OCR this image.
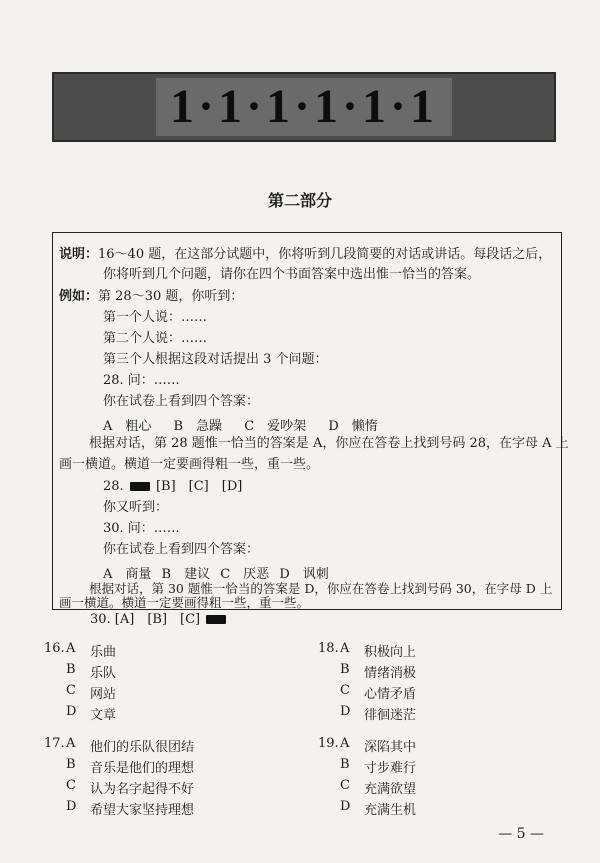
1·1·1·1·1·1
第二部分
说明：16～40 题，在这部分试题中，你将听到几段简要的对话或讲话。每段话之后，
你将听到几个问题，请你在四个书面答案中选出惟一恰当的答案。
例如：第 28～30 题，你听到：
第一个人说：……
第二个人说：……
第三个人根据这段对话提出 3 个问题：
28. 问：……
你在试卷上看到四个答案：
A　粗心 B　急躁 C　爱吵架 D　懒惰
根据对话，第 28 题惟一恰当的答案是 A，你应在答卷上找到号码 28，在字母 A 上
画一横道。横道一定要画得粗一些，重一些。
28. [B]　[C]　[D]
你又听到：
30. 问：……
你在试卷上看到四个答案：
A　商量 B　建议 C　厌恶 D　讽刺
根据对话，第 30 题惟一恰当的答案是 D，你应在答卷上找到号码 30，在字母 D 上
画一横道。横道一定要画得粗一些，重一些。
30. [A]　[B]　[C]
16. A 乐曲
B 乐队
C 网站
D 文章
18. A 积极向上
B 情绪消极
C 心情矛盾
D 徘徊迷茫
17. A 他们的乐队很团结
B 音乐是他们的理想
C 认为名字起得不好
D 希望大家坚持理想
19. A 深陷其中
B 寸步难行
C 充满欲望
D 充满生机
— 5 —
